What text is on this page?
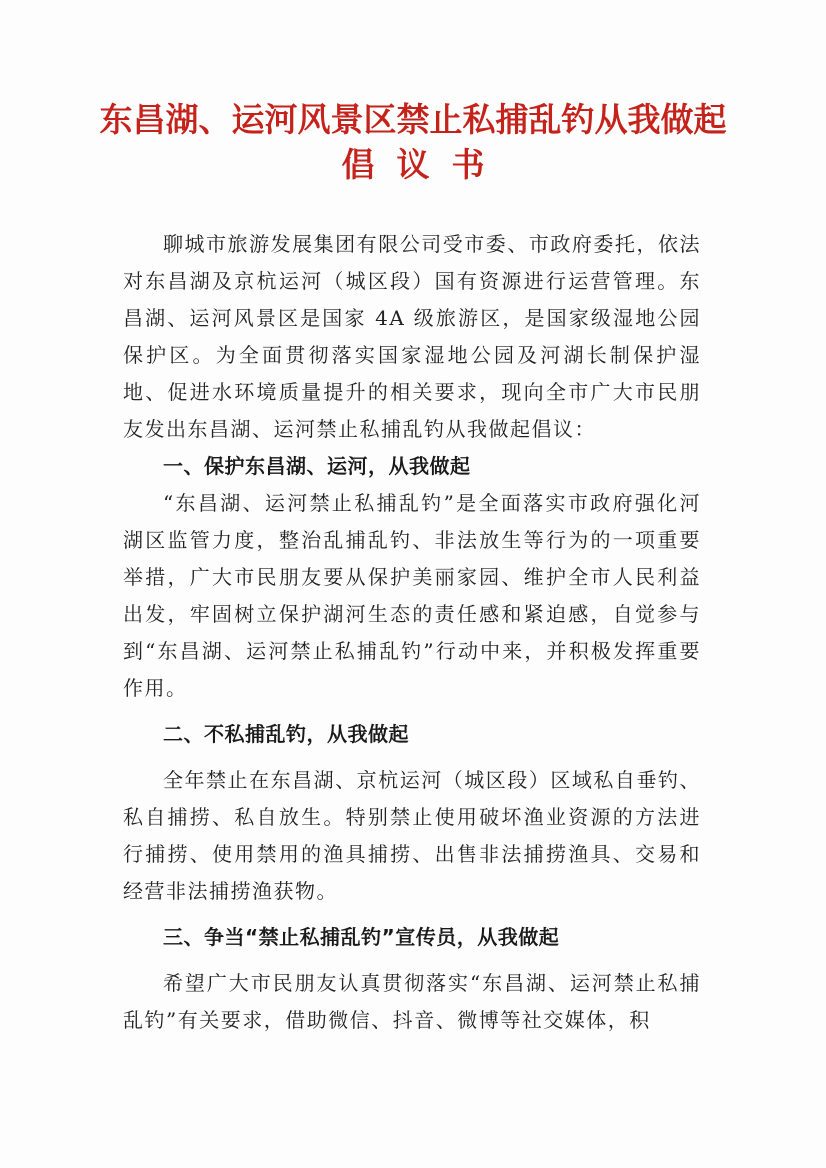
东昌湖、运河风景区禁止私捕乱钓从我做起
倡议书

聊城市旅游发展集团有限公司受市委、市政府委托，依法对东昌湖及京杭运河（城区段）国有资源进行运营管理。东昌湖、运河风景区是国家 4A 级旅游区，是国家级湿地公园保护区。为全面贯彻落实国家湿地公园及河湖长制保护湿地、促进水环境质量提升的相关要求，现向全市广大市民朋友发出东昌湖、运河禁止私捕乱钓从我做起倡议：

一、保护东昌湖、运河，从我做起

“东昌湖、运河禁止私捕乱钓”是全面落实市政府强化河湖区监管力度，整治乱捕乱钓、非法放生等行为的一项重要举措，广大市民朋友要从保护美丽家园、维护全市人民利益出发，牢固树立保护湖河生态的责任感和紧迫感，自觉参与到“东昌湖、运河禁止私捕乱钓”行动中来，并积极发挥重要作用。

二、不私捕乱钓，从我做起

全年禁止在东昌湖、京杭运河（城区段）区域私自垂钓、私自捕捞、私自放生。特别禁止使用破坏渔业资源的方法进行捕捞、使用禁用的渔具捕捞、出售非法捕捞渔具、交易和经营非法捕捞渔获物。

三、争当“禁止私捕乱钓”宣传员，从我做起

希望广大市民朋友认真贯彻落实“东昌湖、运河禁止私捕乱钓”有关要求，借助微信、抖音、微博等社交媒体，积
